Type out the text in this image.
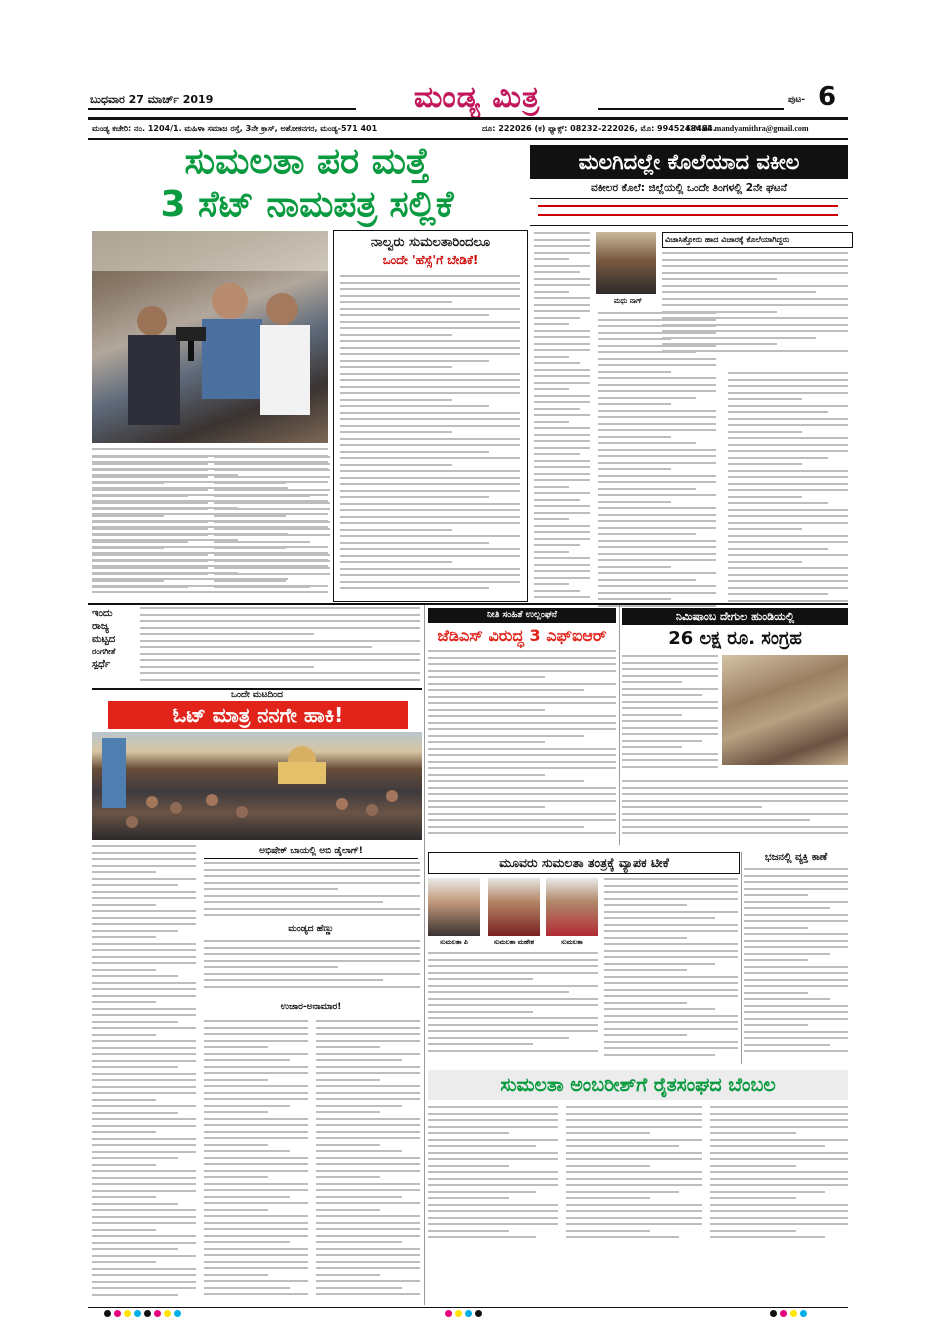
ಬುಧವಾರ 27 ಮಾರ್ಚ್ 2019	ಮಂಡ್ಯ ಮಿತ್ರ	ಪುಟ- 6
ಮಂಡ್ಯ ಕಚೇರಿ: ನಂ. 1204/1. ಮಹಿಳಾ ಸಮಾಜ ರಸ್ತೆ, 3ನೇ ಕ್ರಾಸ್, ಅಶೋಕನಗರ, ಮಂಡ್ಯ-571 401	ದೂ: 222026 (ಕ) ಫ್ಯಾಕ್ಸ್: 08232-222026, ಮೊ: 9945248484.
E-Mail: mandyamithra@gmail.com
ಸುಮಲತಾ ಪರ ಮತ್ತೆ
3 ಸೆಟ್ ನಾಮಪತ್ರ ಸಲ್ಲಿಕೆ
ನಾಲ್ವರು ಸುಮಲತಾರಿಂದಲೂ
ಒಂದೇ 'ಹೆಸ್ಸೆ'ಗೆ ಬೇಡಿಕೆ!
ಮಲಗಿದಲ್ಲೇ ಕೊಲೆಯಾದ ವಕೀಲ
ವಕೀಲರ ಕೊಲೆ: ಜಿಲ್ಲೆಯಲ್ಲಿ ಒಂದೇ ತಿಂಗಳಲ್ಲಿ 2ನೇ ಘಟನೆ
ಮಧು ನಾಗ್
ವಿಚಾಸಿತ್ತೋರು ಹಾದ ವಿಚಾರಕ್ಕೆ ಕೊಲೆಯಾಗಿದ್ದರು
ಇಂದು
ರಾಜ್ಯ
ಮಟ್ಟದ
ರಂಗಗೀತೆ
ಸ್ಪರ್ಧೆ
ಒಂದೇ ಮಟದಿಂದ
ಓಟ್ ಮಾತ್ರ ನನಗೇ ಹಾಕಿ!
ಅಭಿಷೇಕ್ ಬಾಯಲ್ಲಿ ಅಬಿ ಡೈಲಾಗ್!
ಮಂಡ್ಯದ ಹೆಣ್ಣು
ಉಜಾರ-ಅನಾಮಾರ!
ನೀತಿ ಸಂಹಿತೆ ಉಲ್ಲಂಘನೆ
ಜೆಡಿಎಸ್ ವಿರುದ್ಧ 3 ಎಫ್‌ಐಆರ್
ನಿಮಿಷಾಂಬ ದೇಗುಲ ಹುಂಡಿಯಲ್ಲಿ
26 ಲಕ್ಷ ರೂ. ಸಂಗ್ರಹ
ಮೂವರು ಸುಮಲತಾ ತಂತ್ರಕ್ಕೆ ವ್ಯಾಪಕ ಟೀಕೆ
ಸುಮಲತಾ ಪಿ	ಸುಮಲತಾ ಮಹೇಶ	ಸುಮಲತಾ
ಭಜನಲ್ಲಿ ವ್ಯಕ್ತಿ ಕಾಣೆ
ಸುಮಲತಾ ಅಂಬರೀಶ್‌ಗೆ ರೈತಸಂಘದ ಬೆಂಬಲ
